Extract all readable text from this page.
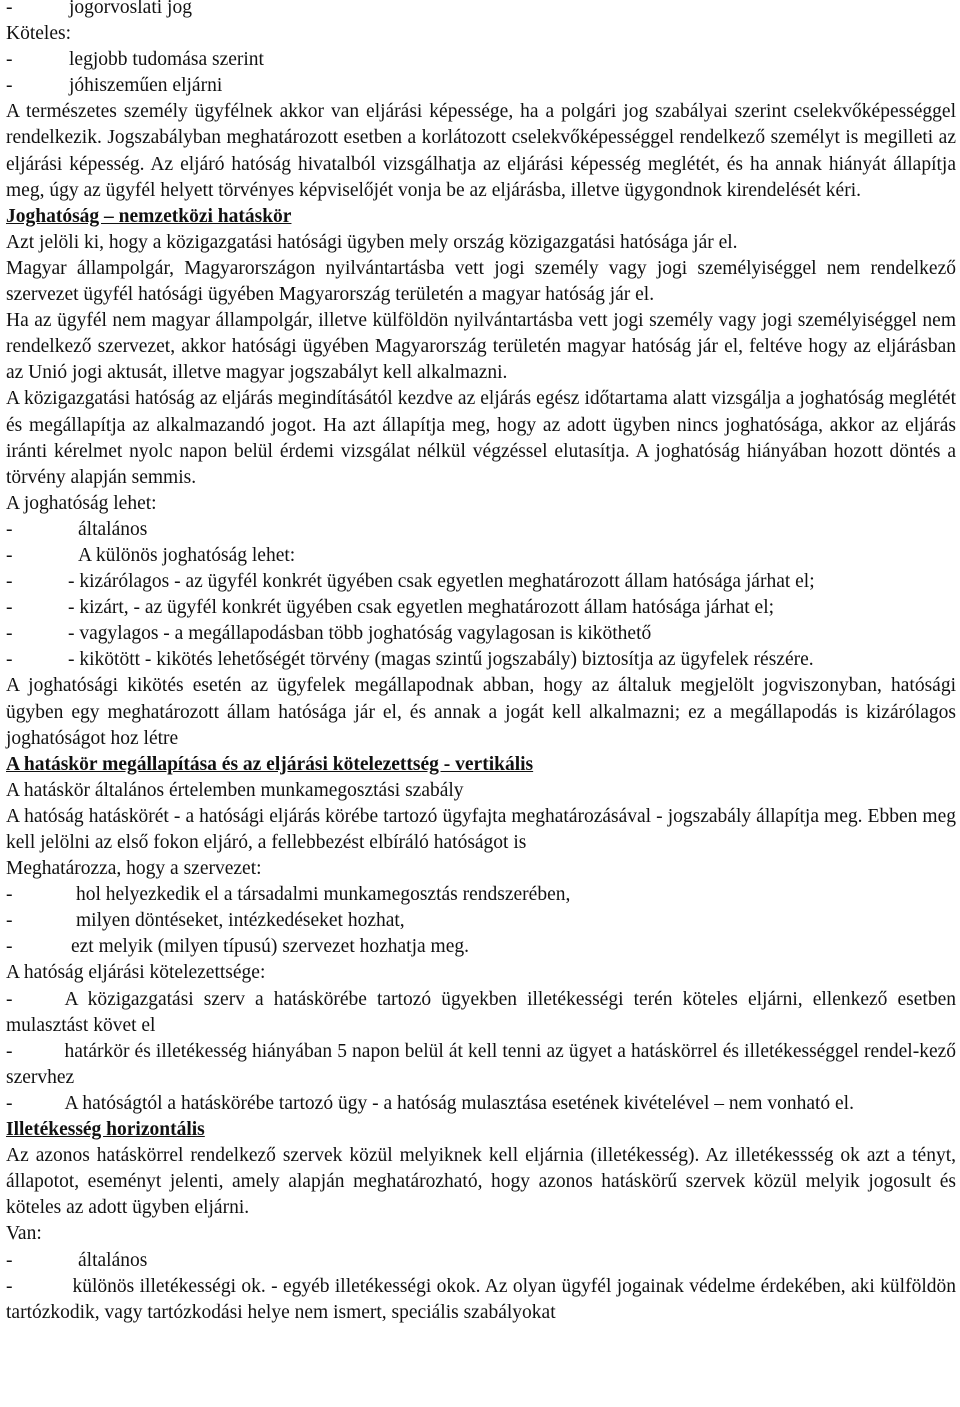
-	jogorvoslati jog
Köteles:
-	legjobb tudomása szerint
-	jóhiszeműen eljárni

A természetes személy ügyfélnek akkor van eljárási képessége, ha a polgári jog szabályai szerint cselekvőképességgel rendelkezik. Jogszabályban meghatározott esetben a korlátozott cselekvőképességgel rendelkező személyt is megilleti az eljárási képesség. Az eljáró hatóság hivatalból vizsgálhatja az eljárási képesség meglétét, és ha annak hiányát állapítja meg, úgy az ügyfél helyett törvényes képviselőjét vonja be az eljárásba, illetve ügygondnok kirendelését kéri.

Joghatóság – nemzetközi hatáskör

Azt jelöli ki, hogy a közigazgatási hatósági ügyben mely ország közigazgatási hatósága jár el.

Magyar állampolgár, Magyarországon nyilvántartásba vett jogi személy vagy jogi személyiséggel nem rendelkező szervezet ügyfél hatósági ügyében Magyarország területén a magyar hatóság jár el.

Ha az ügyfél nem magyar állampolgár, illetve külföldön nyilvántartásba vett jogi személy vagy jogi személyiséggel nem rendelkező szervezet, akkor hatósági ügyében Magyarország területén magyar hatóság jár el, feltéve hogy az eljárásban az Unió jogi aktusát, illetve magyar jogszabályt kell alkalmazni.

A közigazgatási hatóság az eljárás megindításától kezdve az eljárás egész időtartama alatt vizsgálja a joghatóság meglétét és megállapítja az alkalmazandó jogot. Ha azt állapítja meg, hogy az adott ügyben nincs joghatósága, akkor az eljárás iránti kérelmet nyolc napon belül érdemi vizsgálat nélkül végzéssel elutasítja. A joghatóság hiányában hozott döntés a törvény alapján semmis.

A joghatóság lehet:
-	általános
-	A különös joghatóság lehet:
-	- kizárólagos - az ügyfél konkrét ügyében csak egyetlen meghatározott állam hatósága járhat el;
-	- kizárt, - az ügyfél konkrét ügyében csak egyetlen meghatározott állam hatósága járhat el;
-	- vagylagos - a megállapodásban több joghatóság vagylagosan is kiköthető
-	- kikötött - kikötés lehetőségét törvény (magas szintű jogszabály) biztosítja az ügyfelek részére.

A joghatósági kikötés esetén az ügyfelek megállapodnak abban, hogy az általuk megjelölt jogviszonyban, hatósági ügyben egy meghatározott állam hatósága jár el, és annak a jogát kell alkalmazni; ez a megállapodás is kizárólagos joghatóságot hoz létre

A hatáskör megállapítása és az eljárási kötelezettség - vertikális
A hatáskör általános értelemben munkamegosztási szabály

A hatóság hatáskörét - a hatósági eljárás körébe tartozó ügyfajta meghatározásával - jogszabály állapítja meg. Ebben meg kell jelölni az első fokon eljáró, a fellebbezést elbíráló hatóságot is

Meghatározza, hogy a szervezet:
-	hol helyezkedik el a társadalmi munkamegosztás rendszerében,
-	milyen döntéseket, intézkedéseket hozhat,
-	ezt melyik (milyen típusú) szervezet hozhatja meg.
A hatóság eljárási kötelezettsége:

-	A közigazgatási szerv a hatáskörébe tartozó ügyekben illetékességi terén köteles eljárni, ellenkező esetben mulasztást követ el

-	határkör és illetékesség hiányában 5 napon belül át kell tenni az ügyet a hatáskörrel és illetékességgel rendel-kező szervhez

-	A hatóságtól a hatáskörébe tartozó ügy - a hatóság mulasztása esetének kivételével – nem vonható el.

Illetékesség horizontális

Az azonos hatáskörrel rendelkező szervek közül melyiknek kell eljárnia (illetékesség). Az illetékessség ok azt a tényt, állapotot, eseményt jelenti, amely alapján meghatározható, hogy azonos hatáskörű szervek közül melyik jogosult és köteles az adott ügyben eljárni.

Van:
-	általános

-	különös illetékességi ok. - egyéb illetékességi okok. Az olyan ügyfél jogainak védelme érdekében, aki külföldön tartózkodik, vagy tartózkodási helye nem ismert, speciális szabályokat
